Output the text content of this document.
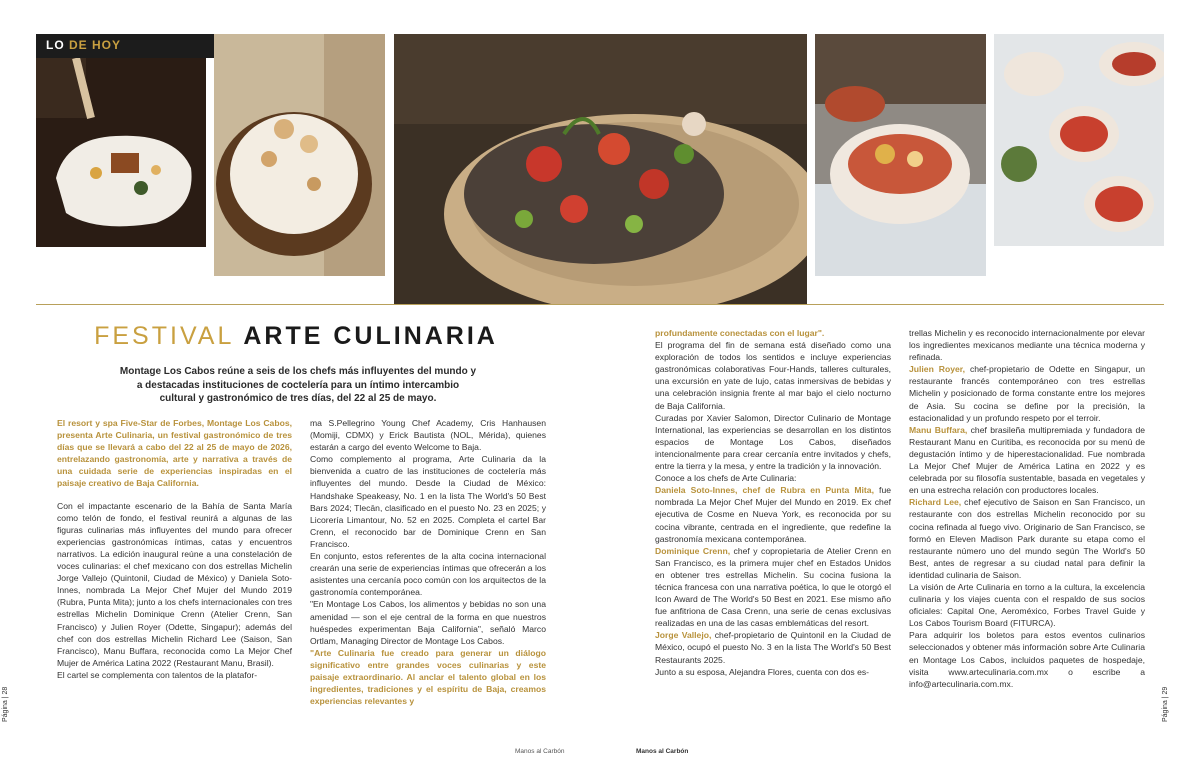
LO DE HOY
FESTIVAL ARTE CULINARIA
Montage Los Cabos reúne a seis de los chefs más influyentes del mundo y a destacadas instituciones de coctelería para un íntimo intercambio cultural y gastronómico de tres días, del 22 al 25 de mayo.

El resort y spa Five-Star de Forbes, Montage Los Cabos, presenta Arte Culinaria, un festival gastronómico de tres días que se llevará a cabo del 22 al 25 de mayo de 2026, entrelazando gastronomía, arte y narrativa a través de una cuidada serie de experiencias inspiradas en el paisaje creativo de Baja California.

Con el impactante escenario de la Bahía de Santa María como telón de fondo, el festival reunirá a algunas de las figuras culinarias más influyentes del mundo para ofrecer experiencias gastronómicas íntimas, catas y encuentros narrativos. La edición inaugural reúne a una constelación de voces culinarias: el chef mexicano con dos estrellas Michelin Jorge Vallejo (Quintonil, Ciudad de México) y Daniela Soto-Innes, nombrada La Mejor Chef Mujer del Mundo 2019 (Rubra, Punta Mita); junto a los chefs internacionales con tres estrellas Michelin Dominique Crenn (Atelier Crenn, San Francisco) y Julien Royer (Odette, Singapur); además del chef con dos estrellas Michelin Richard Lee (Saison, San Francisco), Manu Buffara, reconocida como La Mejor Chef Mujer de América Latina 2022 (Restaurant Manu, Brasil).

El cartel se complementa con talentos de la platafor-

ma S.Pellegrino Young Chef Academy, Cris Hanhausen (Momiji, CDMX) y Erick Bautista (NOL, Mérida), quienes estarán a cargo del evento Welcome to Baja.

Como complemento al programa, Arte Culinaria da la bienvenida a cuatro de las instituciones de coctelería más influyentes del mundo. Desde la Ciudad de México: Handshake Speakeasy, No. 1 en la lista The World's 50 Best Bars 2024; Tlecān, clasificado en el puesto No. 23 en 2025; y Licorería Limantour, No. 52 en 2025. Completa el cartel Bar Crenn, el reconocido bar de Dominique Crenn en San Francisco.

En conjunto, estos referentes de la alta cocina internacional crearán una serie de experiencias íntimas que ofrecerán a los asistentes una cercanía poco común con los arquitectos de la gastronomía contemporánea.

"En Montage Los Cabos, los alimentos y bebidas no son una amenidad — son el eje central de la forma en que nuestros huéspedes experimentan Baja California", señaló Marco Ortlam, Managing Director de Montage Los Cabos.

"Arte Culinaria fue creado para generar un diálogo significativo entre grandes voces culinarias y este paisaje extraordinario. Al anclar el talento global en los ingredientes, tradiciones y el espíritu de Baja, creamos experiencias relevantes y

profundamente conectadas con el lugar".

El programa del fin de semana está diseñado como una exploración de todos los sentidos e incluye experiencias gastronómicas colaborativas Four-Hands, talleres culturales, una excursión en yate de lujo, catas inmersivas de bebidas y una celebración insignia frente al mar bajo el cielo nocturno de Baja California.

Curadas por Xavier Salomon, Director Culinario de Montage International, las experiencias se desarrollan en los distintos espacios de Montage Los Cabos, diseñados intencionalmente para crear cercanía entre invitados y chefs, entre la tierra y la mesa, y entre la tradición y la innovación.

Conoce a los chefs de Arte Culinaria:

Daniela Soto-Innes, chef de Rubra en Punta Mita, fue nombrada La Mejor Chef Mujer del Mundo en 2019. Ex chef ejecutiva de Cosme en Nueva York, es reconocida por su cocina vibrante, centrada en el ingrediente, que redefine la gastronomía mexicana contemporánea.

Dominique Crenn, chef y copropietaria de Atelier Crenn en San Francisco, es la primera mujer chef en Estados Unidos en obtener tres estrellas Michelin. Su cocina fusiona la técnica francesa con una narrativa poética, lo que le otorgó el Icon Award de The World's 50 Best en 2021. Ese mismo año fue anfitriona de Casa Crenn, una serie de cenas exclusivas realizadas en una de las casas emblemáticas del resort.

Jorge Vallejo, chef-propietario de Quintonil en la Ciudad de México, ocupó el puesto No. 3 en la lista The World's 50 Best Restaurants 2025.

Junto a su esposa, Alejandra Flores, cuenta con dos es-

trellas Michelin y es reconocido internacionalmente por elevar los ingredientes mexicanos mediante una técnica moderna y refinada.

Julien Royer, chef-propietario de Odette en Singapur, un restaurante francés contemporáneo con tres estrellas Michelin y posicionado de forma constante entre los mejores de Asia. Su cocina se define por la precisión, la estacionalidad y un profundo respeto por el terroir.

Manu Buffara, chef brasileña multipremiada y fundadora de Restaurant Manu en Curitiba, es reconocida por su menú de degustación íntimo y de hiperestacionalidad. Fue nombrada La Mejor Chef Mujer de América Latina en 2022 y es celebrada por su filosofía sustentable, basada en vegetales y en una estrecha relación con productores locales.

Richard Lee, chef ejecutivo de Saison en San Francisco, un restaurante con dos estrellas Michelin reconocido por su cocina refinada al fuego vivo. Originario de San Francisco, se formó en Eleven Madison Park durante su etapa como el restaurante número uno del mundo según The World's 50 Best, antes de regresar a su ciudad natal para definir la identidad culinaria de Saison.

La visión de Arte Culinaria en torno a la cultura, la excelencia culinaria y los viajes cuenta con el respaldo de sus socios oficiales: Capital One, Aeroméxico, Forbes Travel Guide y Los Cabos Tourism Board (FITURCA).

Para adquirir los boletos para estos eventos culinarios seleccionados y obtener más información sobre Arte Culinaria en Montage Los Cabos, incluidos paquetes de hospedaje, visita www.arteculinaria.com.mx o escribe a info@arteculinaria.com.mx.

Página | 28	Página | 29
Manos al Carbón	Manos al Carbón
